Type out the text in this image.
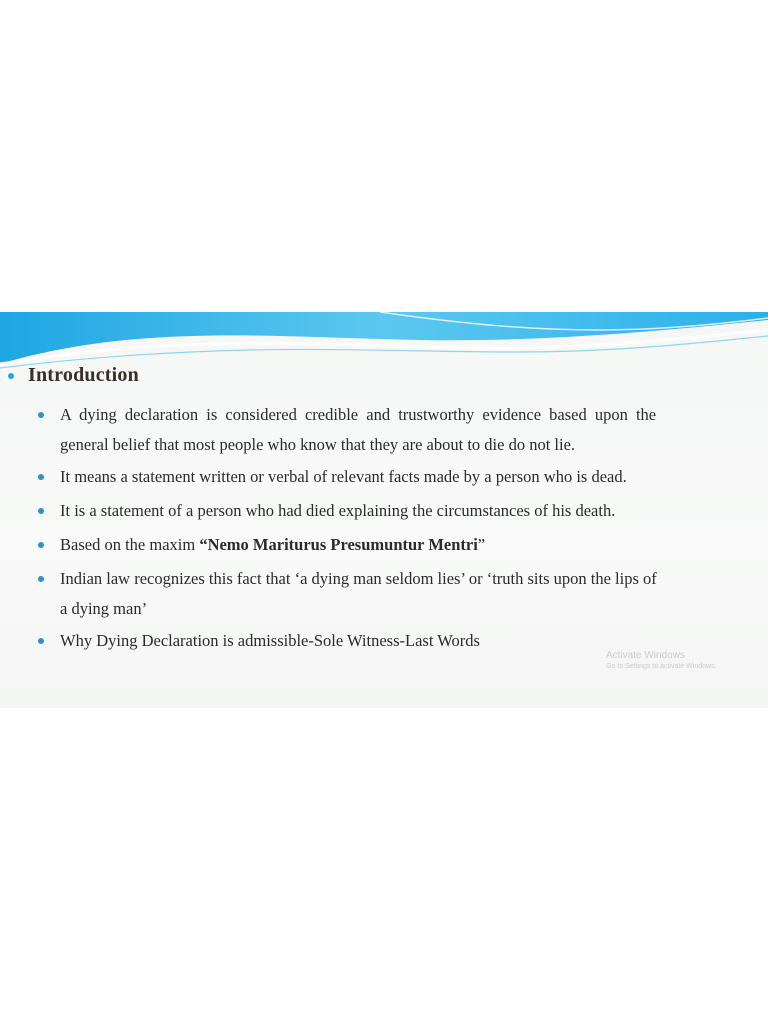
Introduction
A dying declaration is considered credible and trustworthy evidence based upon the
general belief that most people who know that they are about to die do not lie.
It means a statement written or verbal of relevant facts made by a person who is dead.
It is a statement of a person who had died explaining the circumstances of his death.
Based on the maxim “Nemo Mariturus Presumuntur Mentri”
Indian law recognizes this fact that ‘a dying man seldom lies’ or ‘truth sits upon the lips of
a dying man’
Why Dying Declaration is admissible-Sole Witness-Last Words
Activate Windows
Go to Settings to activate Windows.
